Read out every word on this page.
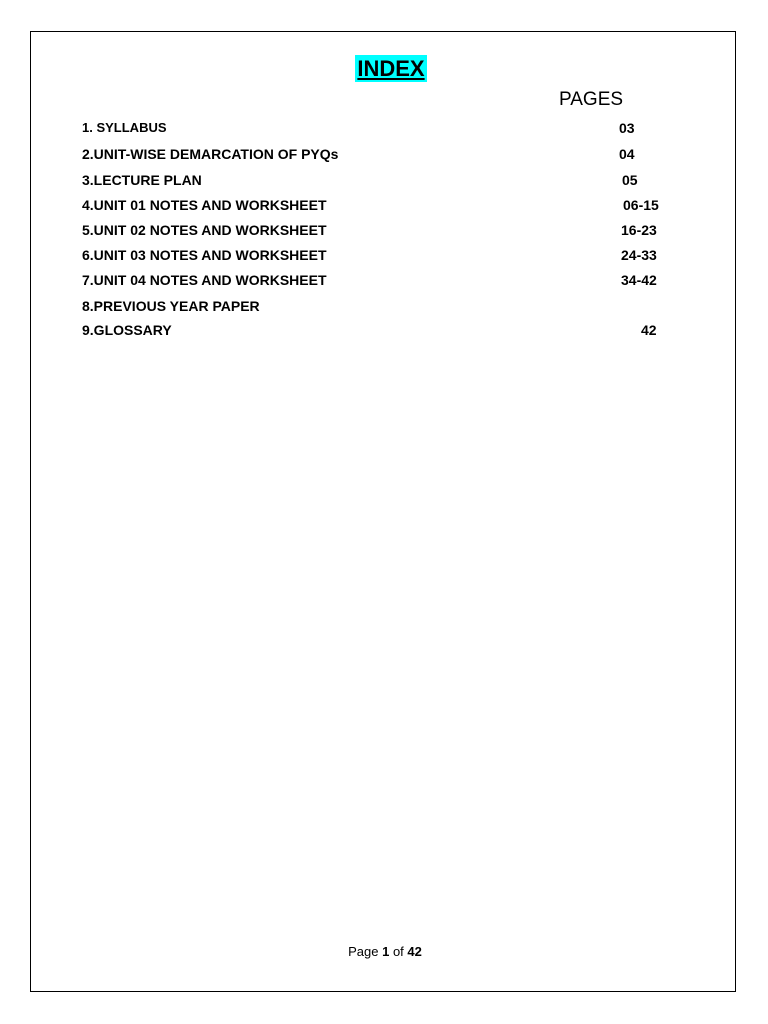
INDEX
PAGES
1. SYLLABUS	03
2.UNIT-WISE DEMARCATION OF PYQs	04
3.LECTURE PLAN	05
4.UNIT 01 NOTES AND WORKSHEET	06-15
5.UNIT 02 NOTES AND WORKSHEET	16-23
6.UNIT 03 NOTES AND WORKSHEET	24-33
7.UNIT 04 NOTES AND WORKSHEET	34-42
8.PREVIOUS YEAR PAPER
9.GLOSSARY	42
Page 1 of 42
